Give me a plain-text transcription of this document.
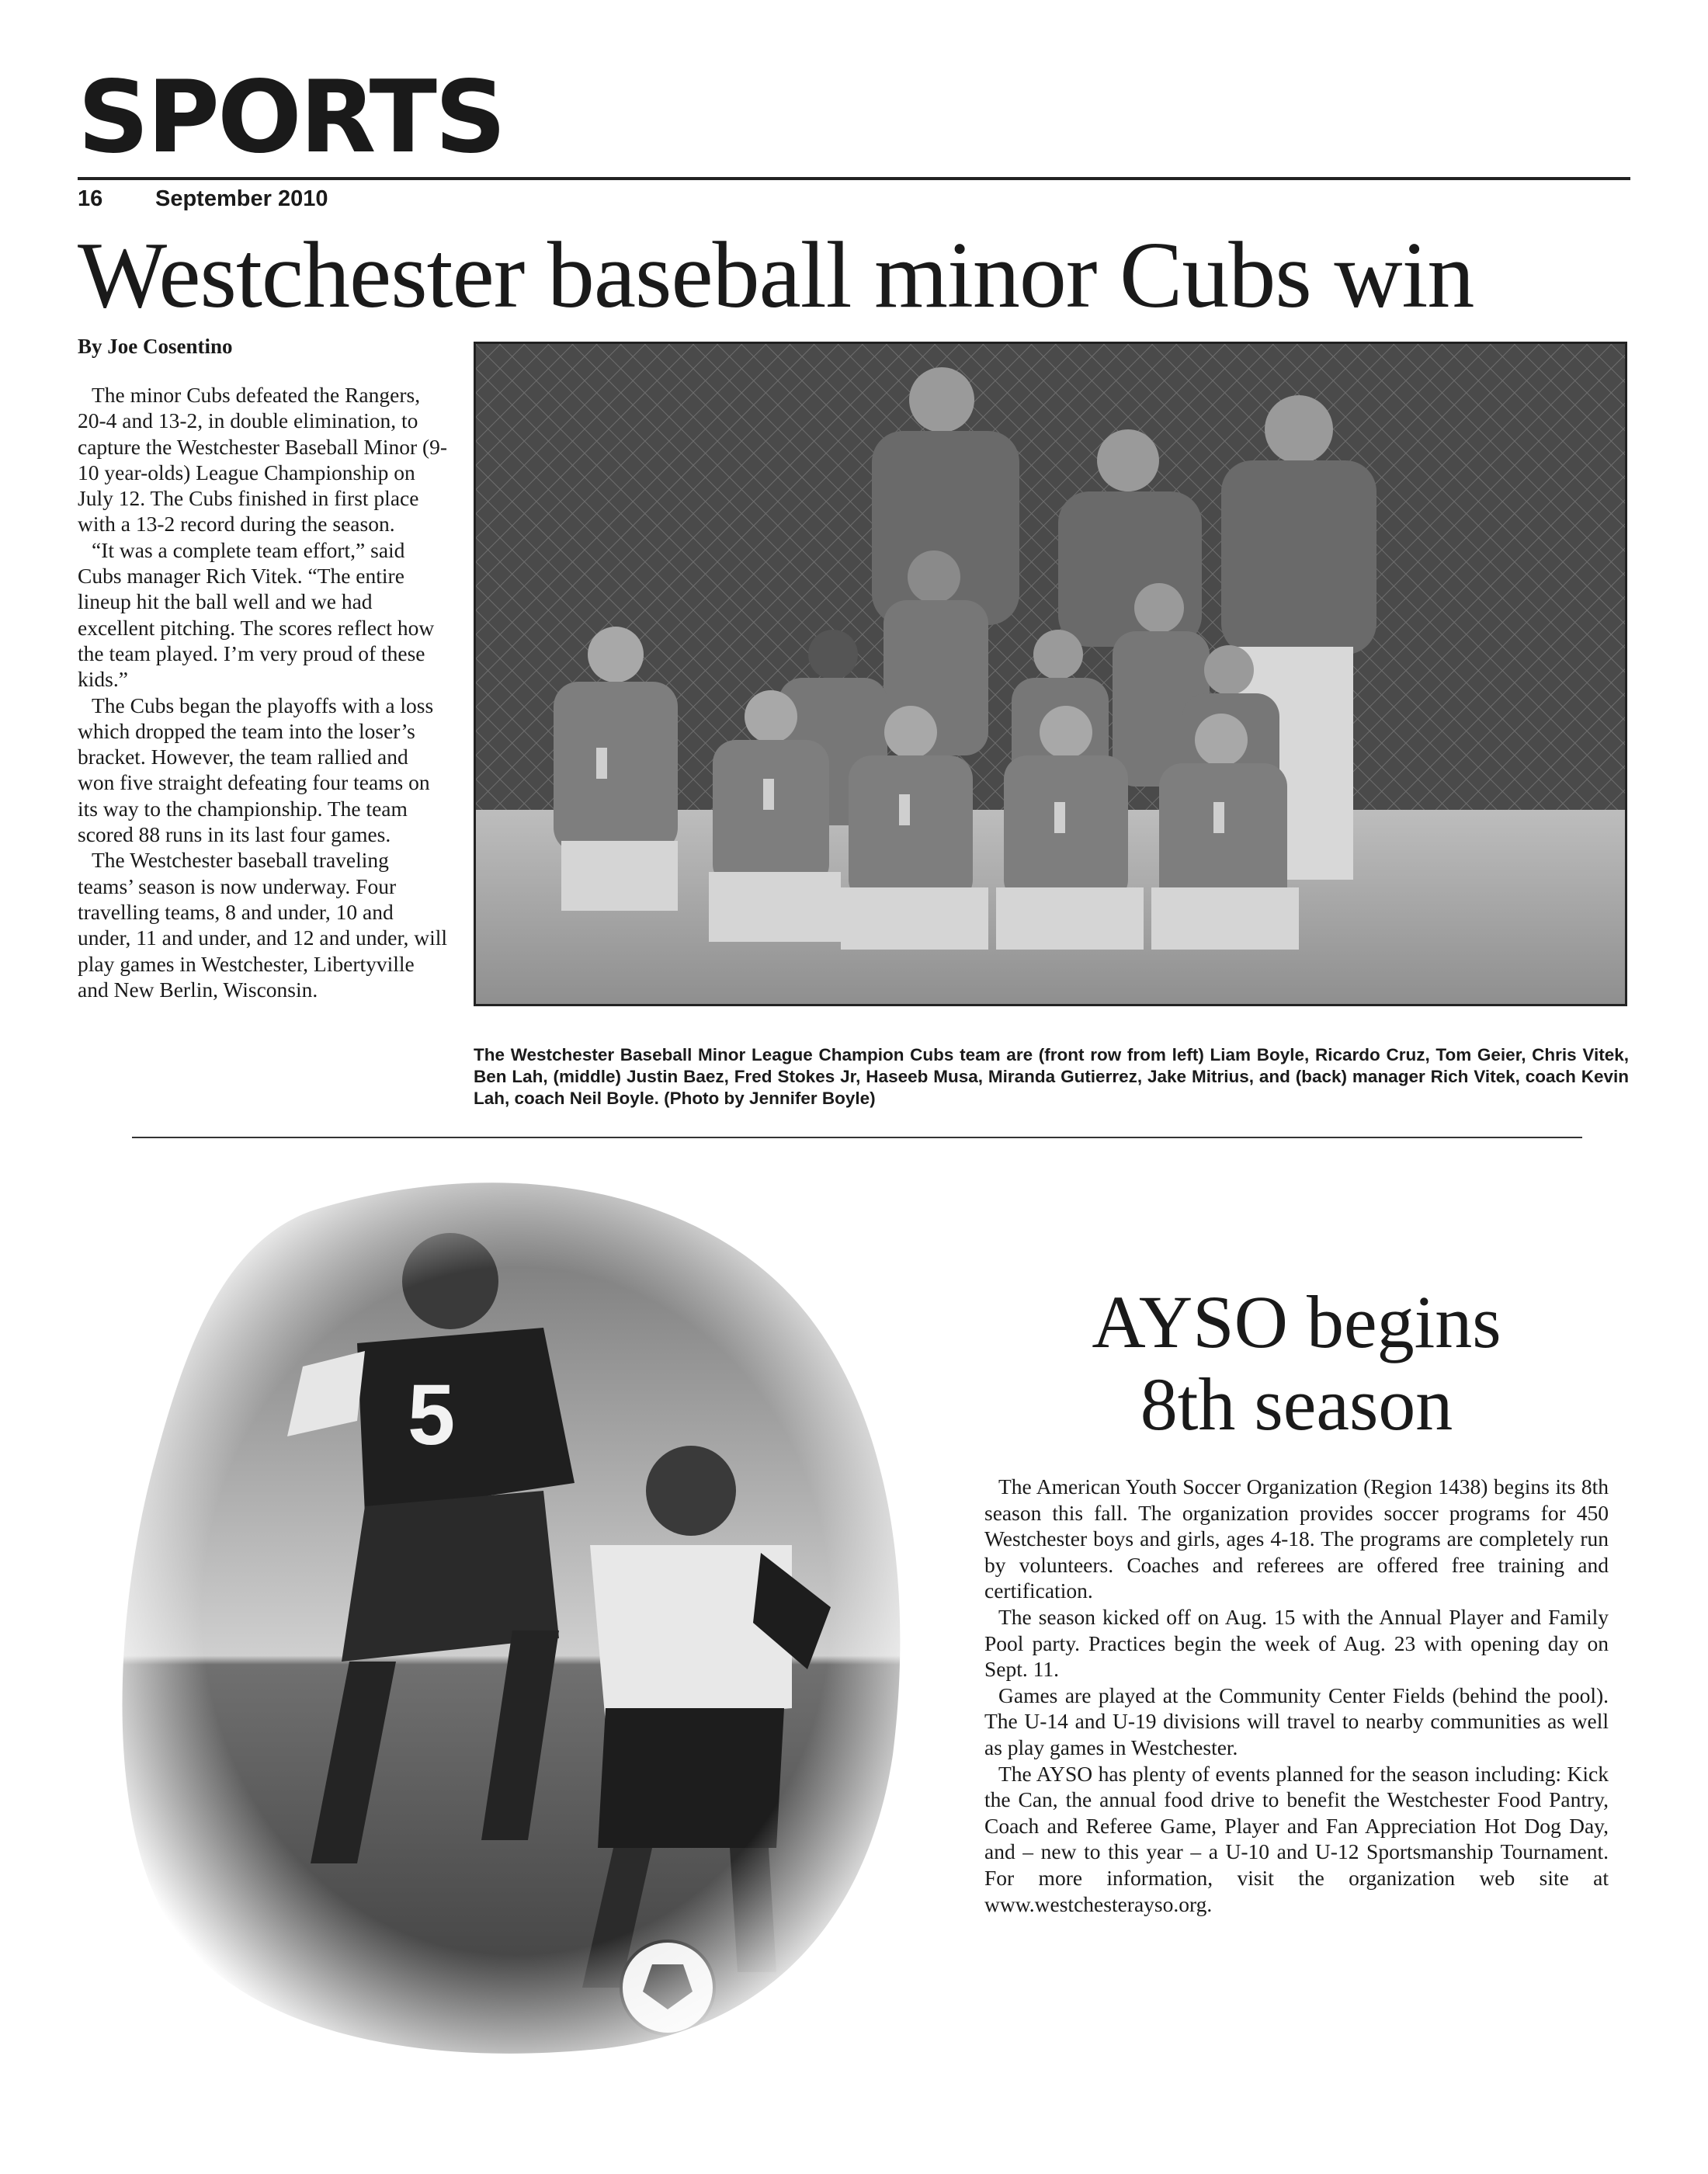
SPORTS
16 September 2010
Westchester baseball minor Cubs win
By Joe Cosentino

The minor Cubs defeated the Rangers, 20-4 and 13-2, in double elimination, to capture the Westchester Baseball Minor (9-10 year-olds) League Championship on July 12. The Cubs finished in first place with a 13-2 record during the season.

“It was a complete team effort,” said Cubs manager Rich Vitek. “The entire lineup hit the ball well and we had excellent pitching. The scores reflect how the team played. I’m very proud of these kids.”

The Cubs began the playoffs with a loss which dropped the team into the loser’s bracket. However, the team rallied and won five straight defeating four teams on its way to the championship. The team scored 88 runs in its last four games.

The Westchester baseball traveling teams’ season is now underway. Four travelling teams, 8 and under, 10 and under, 11 and under, and 12 and under, will play games in Westchester, Libertyville and New Berlin, Wisconsin.

The Westchester Baseball Minor League Champion Cubs team are (front row from left) Liam Boyle, Ricardo Cruz, Tom Geier, Chris Vitek, Ben Lah, (middle) Justin Baez, Fred Stokes Jr, Haseeb Musa, Miranda Gutierrez, Jake Mitrius, and (back) manager Rich Vitek, coach Kevin Lah, coach Neil Boyle. (Photo by Jennifer Boyle)
AYSO begins
8th season

The American Youth Soccer Organization (Region 1438) begins its 8th season this fall. The organization provides soccer programs for 450 Westchester boys and girls, ages 4-18. The programs are completely run by volunteers. Coaches and referees are offered free training and certification.

The season kicked off on Aug. 15 with the Annual Player and Family Pool party. Practices begin the week of Aug. 23 with opening day on Sept. 11.

Games are played at the Community Center Fields (behind the pool). The U-14 and U-19 divisions will travel to nearby communities as well as play games in Westchester.

The AYSO has plenty of events planned for the season including: Kick the Can, the annual food drive to benefit the Westchester Food Pantry, Coach and Referee Game, Player and Fan Appreciation Hot Dog Day, and – new to this year – a U-10 and U-12 Sportsmanship Tournament. For more information, visit the organization web site at www.westchesterayso.org.
